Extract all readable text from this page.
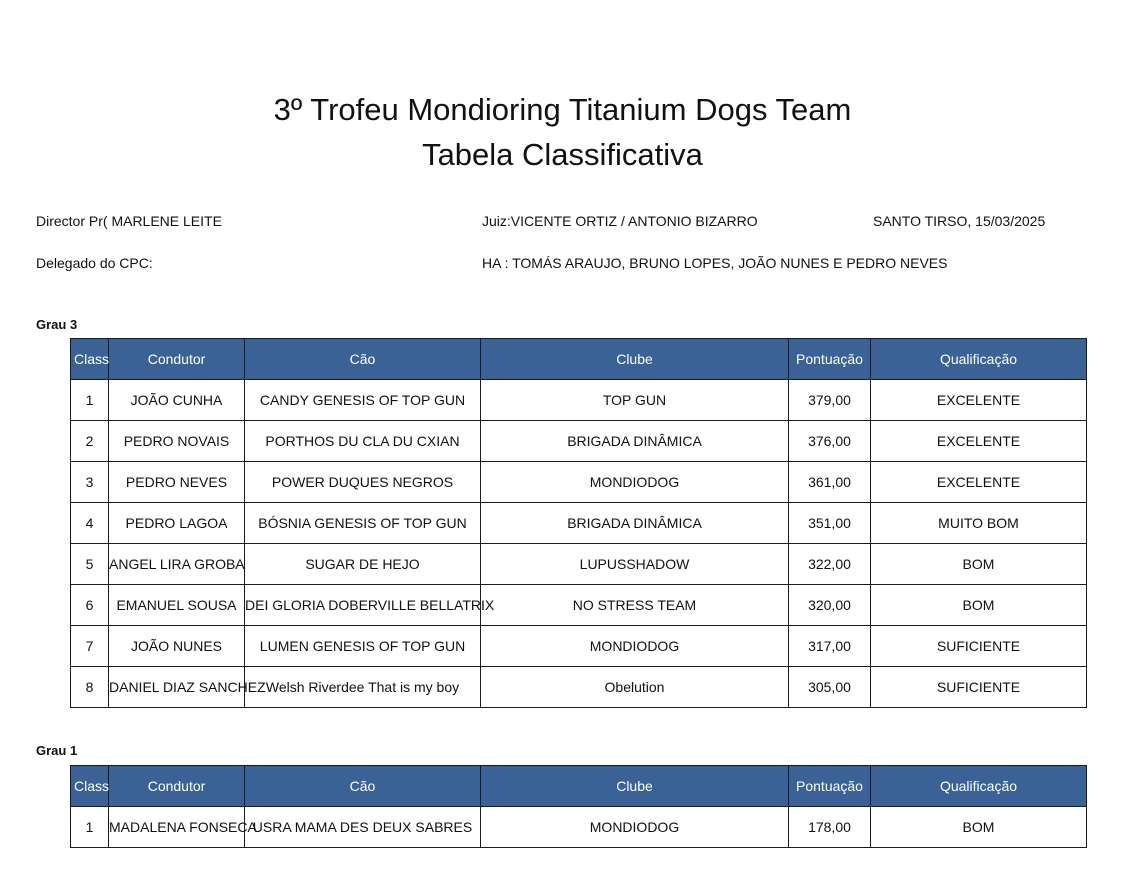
3º Trofeu Mondioring Titanium Dogs Team
Tabela Classificativa
Director Pr( MARLENE LEITE	Juiz:VICENTE ORTIZ / ANTONIO BIZARRO	SANTO TIRSO, 15/03/2025
Delegado do CPC:	HA : TOMÁS ARAUJO, BRUNO LOPES, JOÃO NUNES E PEDRO NEVES
Grau 3
Class	Condutor	Cão	Clube	Pontuação	Qualificação
1	JOÃO CUNHA	CANDY GENESIS OF TOP GUN	TOP GUN	379,00	EXCELENTE
2	PEDRO NOVAIS	PORTHOS DU CLA DU CXIAN	BRIGADA DINÂMICA	376,00	EXCELENTE
3	PEDRO NEVES	POWER DUQUES NEGROS	MONDIODOG	361,00	EXCELENTE
4	PEDRO LAGOA	BÓSNIA GENESIS OF TOP GUN	BRIGADA DINÂMICA	351,00	MUITO BOM
5	ANGEL LIRA GROBA	SUGAR DE HEJO	LUPUSSHADOW	322,00	BOM
6	EMANUEL SOUSA	DEI GLORIA DOBERVILLE BELLATRIX	NO STRESS TEAM	320,00	BOM
7	JOÃO NUNES	LUMEN GENESIS OF TOP GUN	MONDIODOG	317,00	SUFICIENTE
8	DANIEL DIAZ SANCHEZ	Welsh Riverdee That is my boy	Obelution	305,00	SUFICIENTE
Grau 1
Class	Condutor	Cão	Clube	Pontuação	Qualificação
1	MADALENA FONSECA	USRA MAMA DES DEUX SABRES	MONDIODOG	178,00	BOM
